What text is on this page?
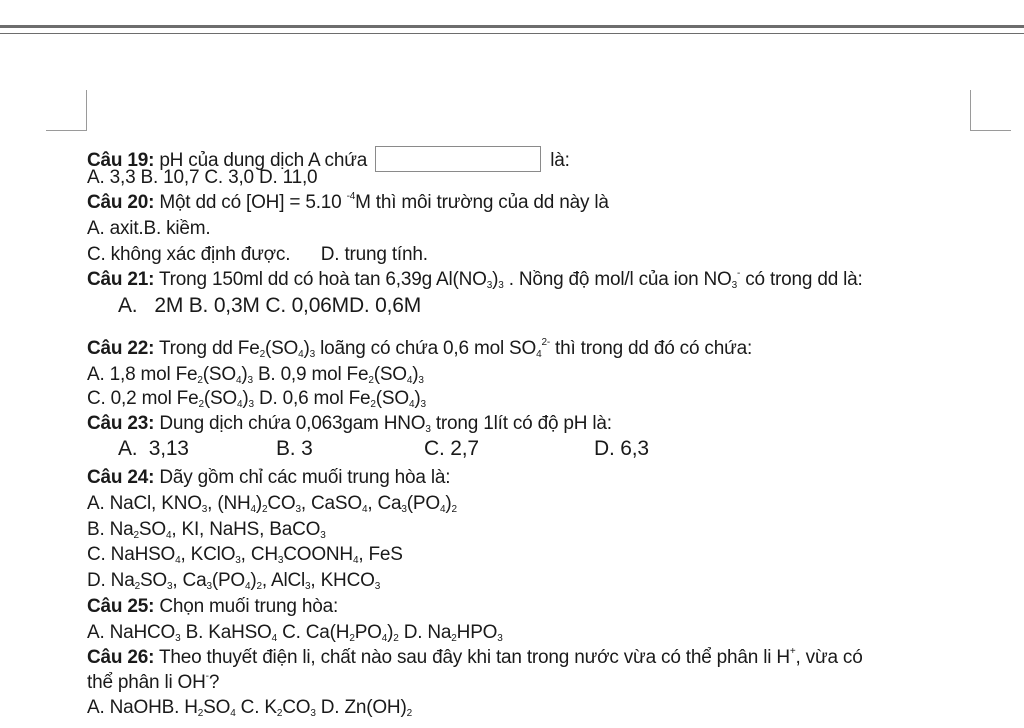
Câu 19: pH của dung dịch A chứa	là:
A. 3,3 B. 10,7 C. 3,0 D. 11,0
Câu 20: Một dd có [OH] = 5.10 $^{-4}$M thì môi trường của dd này là
A. axit.B. kiềm.
C. không xác định được.      D. trung tính.
Câu 21: Trong 150ml dd có hoà tan 6,39g $Al(NO_3)_3$ . Nồng độ mol/l của ion $NO_3^-$ có trong dd là:
A.   2M B. 0,3M C. 0,06MD. 0,6M
Câu 22: Trong dd $Fe_2(SO_4)_3$ loãng có chứa 0,6 mol $SO_4^{2-}$ thì trong dd đó có chứa:
A. 1,8 mol $Fe_2(SO_4)_3$ B. 0,9 mol $Fe_2(SO_4)_3$
C. 0,2 mol $Fe_2(SO_4)_3$ D. 0,6 mol $Fe_2(SO_4)_3$
Câu 23: Dung dịch chứa 0,063gam $HNO_3$ trong 1lít có độ pH là:
A.  3,13	B. 3	C. 2,7	D. 6,3
Câu 24: Dãy gồm chỉ các muối trung hòa là:
A. NaCl, $KNO_3$, $(NH_4)_2CO_3$, CaSO$_4$, $Ca_3(PO_4)_2$
B. $Na_2SO_4$, KI, NaHS, BaCO$_3$
C. NaHSO$_4$, KClO$_3$, $CH_3COONH_4$, FeS
D. $Na_2SO_3$, $Ca_3(PO_4)_2$, AlCl$_3$, $KHCO_3$
Câu 25: Chọn muối trung hòa:
A. NaHCO$_3$ B. KaHSO$_4$ C. $Ca(H_2PO_4)_2$ D. $Na_2HPO_3$
Câu 26: Theo thuyết điện li, chất nào sau đây khi tan trong nước vừa có thể phân li H+, vừa có
thể phân li OH-?
A. NaOHB. $H_2SO_4$ C. $K_2CO_3$ D. $Zn(OH)_2$
